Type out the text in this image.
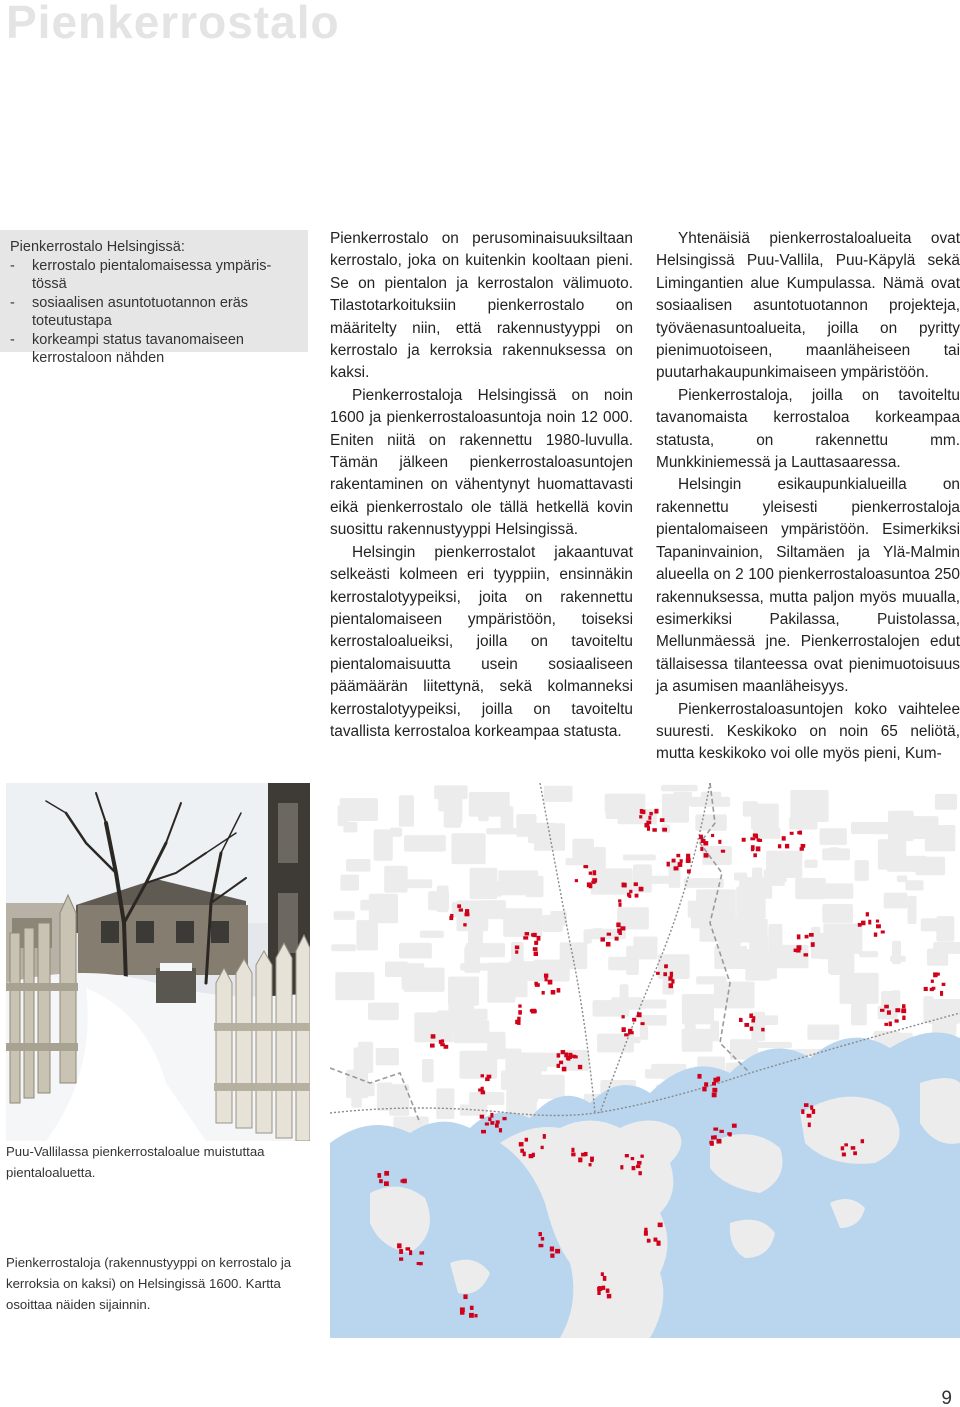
Pienkerrostalo
Pienkerrostalo Helsingissä:
-	kerrostalo pientalomaisessa ympäris-tössä
-	sosiaalisen asuntotuotannon eräs toteutustapa
-	korkeampi status tavanomaiseen kerrostaloon nähden

Pienkerrostalo on perusominaisuuksiltaan kerrostalo, joka on kuitenkin kooltaan pieni. Se on pientalon ja kerrostalon välimuoto. Tilastotarkoituksiin pienkerrostalo on määritelty niin, että rakennustyyppi on kerrostalo ja kerroksia rakennuksessa on kaksi.

Pienkerrostaloja Helsingissä on noin 1600 ja pienkerrostaloasuntoja noin 12 000. Eniten niitä on rakennettu 1980-luvulla. Tämän jälkeen pienkerrostaloasuntojen rakentaminen on vähentynyt huomattavasti eikä pienkerrostalo ole tällä hetkellä kovin suosittu rakennustyyppi Helsingissä.

Helsingin pienkerrostalot jakaantuvat selkeästi kolmeen eri tyyppiin, ensinnäkin kerrostalotyypeiksi, joita on rakennettu pientalomaiseen ympäristöön, toiseksi kerrostaloalueiksi, joilla on tavoiteltu pientalomaisuutta usein sosiaaliseen päämäärän liitettynä, sekä kolmanneksi kerrostalotyypeiksi, joilla on tavoiteltu tavallista kerrostaloa korkeampaa statusta.

Yhtenäisiä pienkerrostaloalueita ovat Helsingissä Puu-Vallila, Puu-Käpylä sekä Limingantien alue Kumpulassa. Nämä ovat sosiaalisen asuntotuotannon projekteja, työväenasuntoalueita, joilla on pyritty pienimuotoiseen, maanläheiseen tai puutarhakaupunkimaiseen ympäristöön.

Pienkerrostaloja, joilla on tavoiteltu tavanomaista kerrostaloa korkeampaa statusta, on rakennettu mm. Munkkiniemessä ja Lauttasaaressa.

Helsingin esikaupunkialueilla on rakennettu yleisesti pienkerrostaloja pientalomaiseen ympäristöön. Esimerkiksi Tapaninvainion, Siltamäen ja Ylä-Malmin alueella on 2 100 pienkerrostaloasuntoa 250 rakennuksessa, mutta paljon myös muualla, esimerkiksi Pakilassa, Puistolassa, Mellunmäessä jne. Pienkerrostalojen edut tällaisessa tilanteessa ovat pienimuotoisuus ja asumisen maanläheisyys.

Pienkerrostaloasuntojen koko vaihtelee suuresti. Keskikoko on noin 65 neliötä, mutta keskikoko voi olle myös pieni, Kum-

Puu-Vallilassa pienkerrostaloalue muistuttaa pientaloaluetta.
Pienkerrostaloja (rakennustyyppi on kerrostalo ja kerroksia on kaksi) on Helsingissä 1600. Kartta osoittaa näiden sijainnin.
9
